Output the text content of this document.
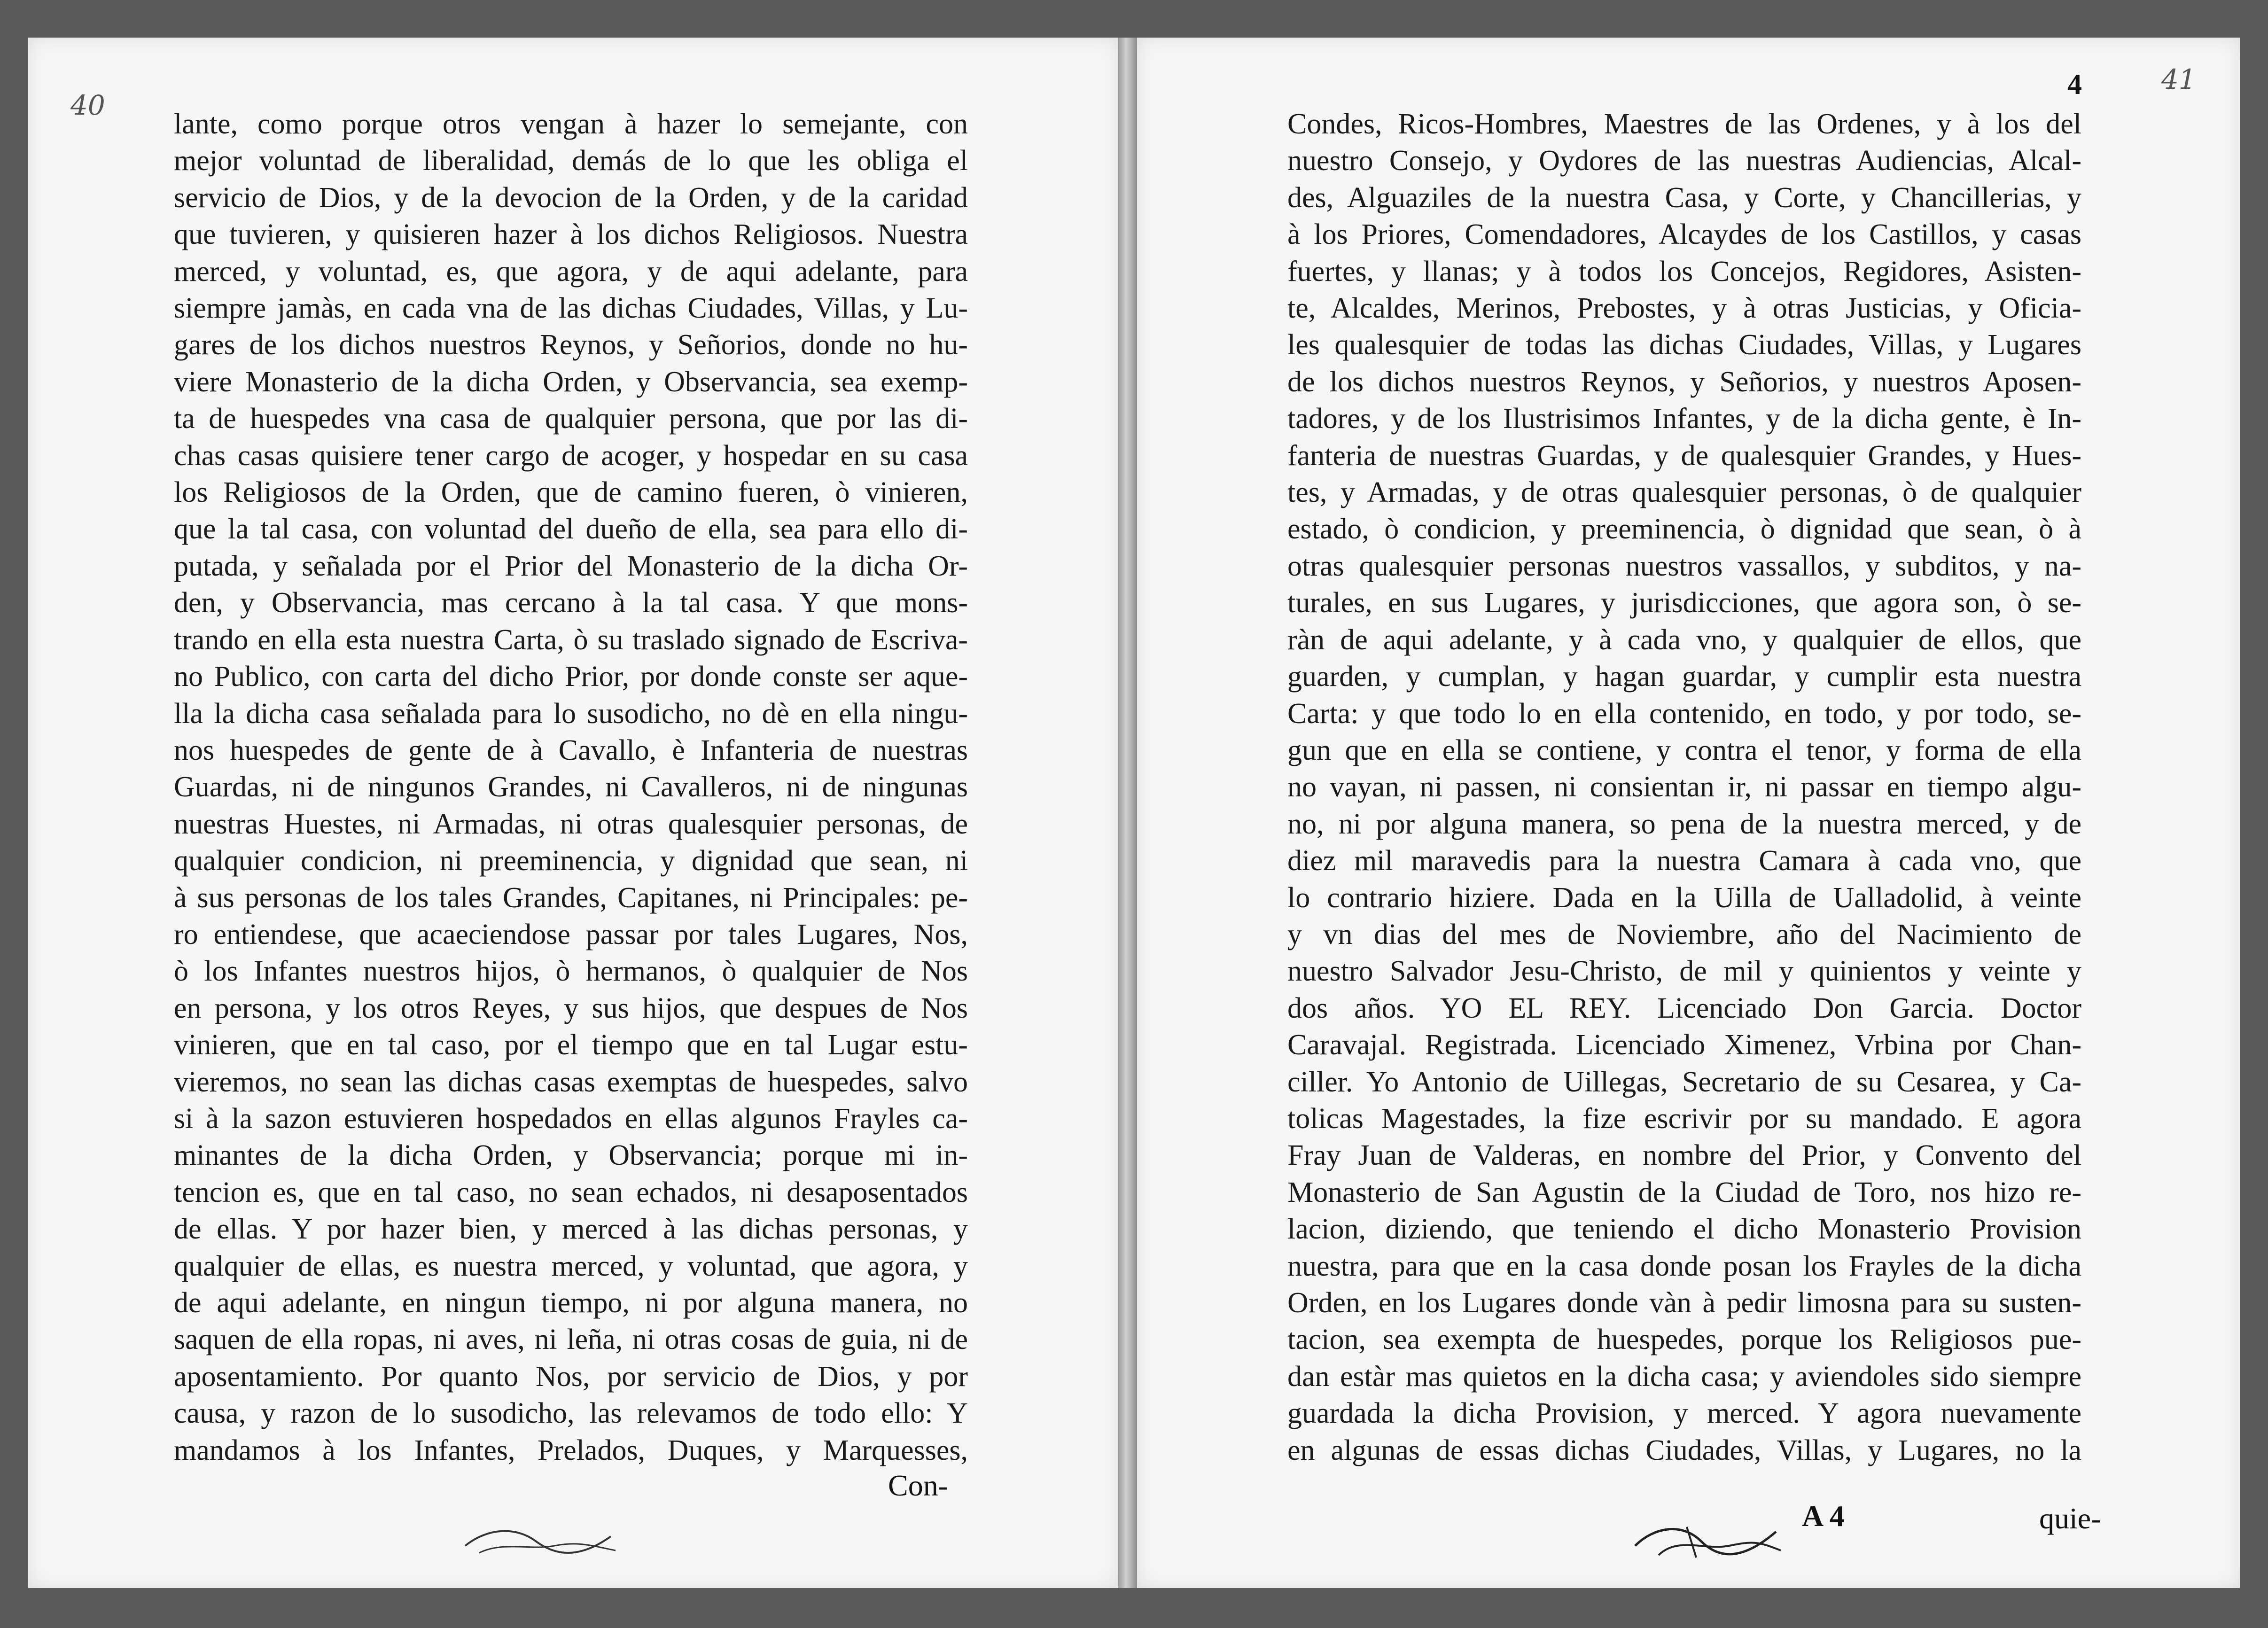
40
lante, como porque otros vengan à hazer lo semejante, con
mejor voluntad de liberalidad, demás de lo que les obliga el
servicio de Dios, y de la devocion de la Orden, y de la caridad
que tuvieren, y quisieren hazer à los dichos Religiosos. Nuestra
merced, y voluntad, es, que agora, y de aqui adelante, para
siempre jamàs, en cada vna de las dichas Ciudades, Villas, y Lu-
gares de los dichos nuestros Reynos, y Señorios, donde no hu-
viere Monasterio de la dicha Orden, y Observancia, sea exemp-
ta de huespedes vna casa de qualquier persona, que por las di-
chas casas quisiere tener cargo de acoger, y hospedar en su casa
los Religiosos de la Orden, que de camino fueren, ò vinieren,
que la tal casa, con voluntad del dueño de ella, sea para ello di-
putada, y señalada por el Prior del Monasterio de la dicha Or-
den, y Observancia, mas cercano à la tal casa. Y que mons-
trando en ella esta nuestra Carta, ò su traslado signado de Escriva-
no Publico, con carta del dicho Prior, por donde conste ser aque-
lla la dicha casa señalada para lo susodicho, no dè en ella ningu-
nos huespedes de gente de à Cavallo, è Infanteria de nuestras
Guardas, ni de ningunos Grandes, ni Cavalleros, ni de ningunas
nuestras Huestes, ni Armadas, ni otras qualesquier personas, de
qualquier condicion, ni preeminencia, y dignidad que sean, ni
à sus personas de los tales Grandes, Capitanes, ni Principales: pe-
ro entiendese, que acaeciendose passar por tales Lugares, Nos,
ò los Infantes nuestros hijos, ò hermanos, ò qualquier de Nos
en persona, y los otros Reyes, y sus hijos, que despues de Nos
vinieren, que en tal caso, por el tiempo que en tal Lugar estu-
vieremos, no sean las dichas casas exemptas de huespedes, salvo
si à la sazon estuvieren hospedados en ellas algunos Frayles ca-
minantes de la dicha Orden, y Observancia; porque mi in-
tencion es, que en tal caso, no sean echados, ni desaposentados
de ellas. Y por hazer bien, y merced à las dichas personas, y
qualquier de ellas, es nuestra merced, y voluntad, que agora, y
de aqui adelante, en ningun tiempo, ni por alguna manera, no
saquen de ella ropas, ni aves, ni leña, ni otras cosas de guia, ni de
aposentamiento. Por quanto Nos, por servicio de Dios, y por
causa, y razon de lo susodicho, las relevamos de todo ello: Y
mandamos à los Infantes, Prelados, Duques, y Marquesses,
Con-
4	41
Condes, Ricos-Hombres, Maestres de las Ordenes, y à los del
nuestro Consejo, y Oydores de las nuestras Audiencias, Alcal-
des, Alguaziles de la nuestra Casa, y Corte, y Chancillerias, y
à los Priores, Comendadores, Alcaydes de los Castillos, y casas
fuertes, y llanas; y à todos los Concejos, Regidores, Asisten-
te, Alcaldes, Merinos, Prebostes, y à otras Justicias, y Oficia-
les qualesquier de todas las dichas Ciudades, Villas, y Lugares
de los dichos nuestros Reynos, y Señorios, y nuestros Aposen-
tadores, y de los Ilustrisimos Infantes, y de la dicha gente, è In-
fanteria de nuestras Guardas, y de qualesquier Grandes, y Hues-
tes, y Armadas, y de otras qualesquier personas, ò de qualquier
estado, ò condicion, y preeminencia, ò dignidad que sean, ò à
otras qualesquier personas nuestros vassallos, y subditos, y na-
turales, en sus Lugares, y jurisdicciones, que agora son, ò se-
ràn de aqui adelante, y à cada vno, y qualquier de ellos, que
guarden, y cumplan, y hagan guardar, y cumplir esta nuestra
Carta: y que todo lo en ella contenido, en todo, y por todo, se-
gun que en ella se contiene, y contra el tenor, y forma de ella
no vayan, ni passen, ni consientan ir, ni passar en tiempo algu-
no, ni por alguna manera, so pena de la nuestra merced, y de
diez mil maravedis para la nuestra Camara à cada vno, que
lo contrario hiziere. Dada en la Uilla de Ualladolid, à veinte
y vn dias del mes de Noviembre, año del Nacimiento de
nuestro Salvador Jesu-Christo, de mil y quinientos y veinte y
dos años. YO EL REY. Licenciado Don Garcia. Doctor
Caravajal. Registrada. Licenciado Ximenez, Vrbina por Chan-
ciller. Yo Antonio de Uillegas, Secretario de su Cesarea, y Ca-
tolicas Magestades, la fize escrivir por su mandado. E agora
Fray Juan de Valderas, en nombre del Prior, y Convento del
Monasterio de San Agustin de la Ciudad de Toro, nos hizo re-
lacion, diziendo, que teniendo el dicho Monasterio Provision
nuestra, para que en la casa donde posan los Frayles de la dicha
Orden, en los Lugares donde vàn à pedir limosna para su susten-
tacion, sea exempta de huespedes, porque los Religiosos pue-
dan estàr mas quietos en la dicha casa; y aviendoles sido siempre
guardada la dicha Provision, y merced. Y agora nuevamente
en algunas de essas dichas Ciudades, Villas, y Lugares, no la
A 4	quie-
